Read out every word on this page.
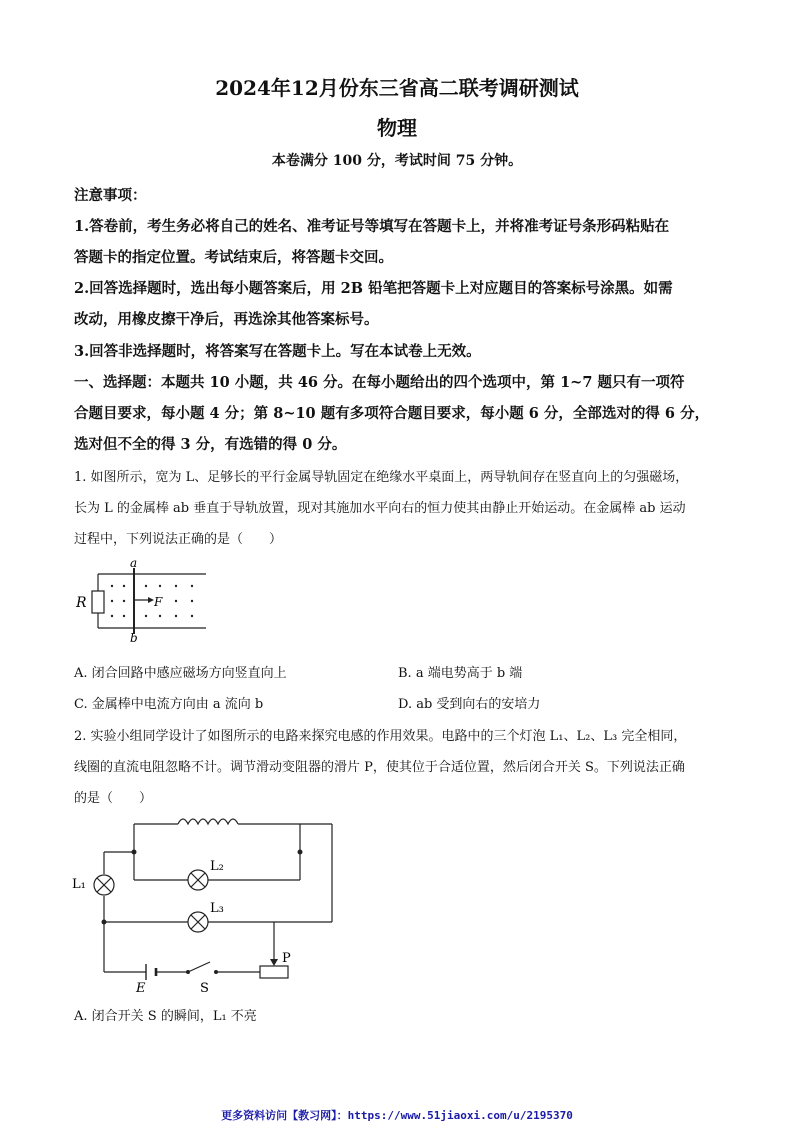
2024年12月份东三省高二联考调研测试
物理
本卷满分 100 分，考试时间 75 分钟。
注意事项：
1.答卷前，考生务必将自己的姓名、准考证号等填写在答题卡上，并将准考证号条形码粘贴在
答题卡的指定位置。考试结束后，将答题卡交回。
2.回答选择题时，选出每小题答案后，用 2B 铅笔把答题卡上对应题目的答案标号涂黑。如需
改动，用橡皮擦干净后，再选涂其他答案标号。
3.回答非选择题时，将答案写在答题卡上。写在本试卷上无效。
一、选择题：本题共 10 小题，共 46 分。在每小题给出的四个选项中，第 1~7 题只有一项符
合题目要求，每小题 4 分；第 8~10 题有多项符合题目要求，每小题 6 分，全部选对的得 6 分，
选对但不全的得 3 分，有选错的得 0 分。
1. 如图所示，宽为 L、足够长的平行金属导轨固定在绝缘水平桌面上，两导轨间存在竖直向上的匀强磁场，
长为 L 的金属棒 ab 垂直于导轨放置，现对其施加水平向右的恒力使其由静止开始运动。在金属棒 ab 运动
过程中，下列说法正确的是（　　）
a
b
R	F
A. 闭合回路中感应磁场方向竖直向上	B. a 端电势高于 b 端
C. 金属棒中电流方向由 a 流向 b	D. ab 受到向右的安培力
2. 实验小组同学设计了如图所示的电路来探究电感的作用效果。电路中的三个灯泡 L₁、L₂、L₃ 完全相同，
线圈的直流电阻忽略不计。调节滑动变阻器的滑片 P，使其位于合适位置，然后闭合开关 S。下列说法正确
的是（　　）
L₁
L₂
L₃
E	S
P
A. 闭合开关 S 的瞬间，L₁ 不亮
更多资料访问【教习网】：https://www.51jiaoxi.com/u/2195370
